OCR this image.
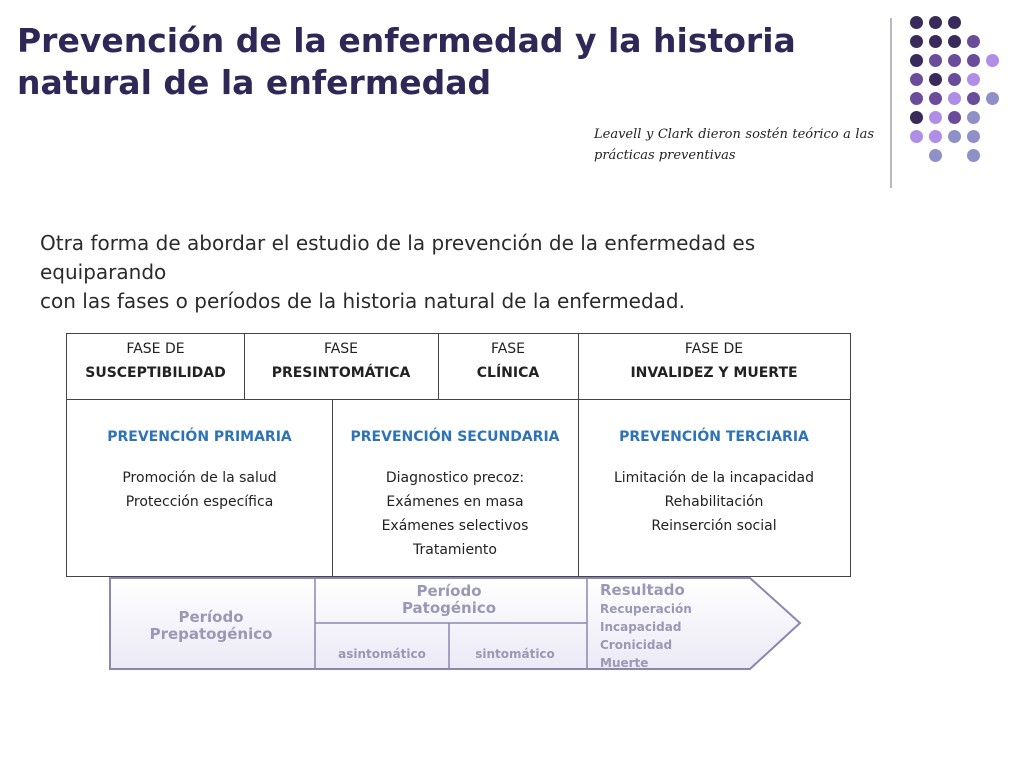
Prevención de la enfermedad y la historia
natural de la enfermedad
Leavell y Clark dieron sostén teórico a las prácticas preventivas
Otra forma de abordar el estudio de la prevención de la enfermedad es equiparando
con las fases o períodos de la historia natural de la enfermedad.
FASE DE
SUSCEPTIBILIDAD
FASE
PRESINTOMÁTICA
FASE
CLÍNICA
FASE DE
INVALIDEZ Y MUERTE
PREVENCIÓN PRIMARIA
Promoción de la salud
Protección específica
PREVENCIÓN SECUNDARIA
Diagnostico precoz:
Exámenes en masa
Exámenes selectivos
Tratamiento
PREVENCIÓN TERCIARIA
Limitación de la incapacidad
Rehabilitación
Reinserción social
Período
Prepatogénico
Período
Patogénico
asintomático	sintomático
Resultado
Recuperación
Incapacidad
Cronicidad
Muerte
